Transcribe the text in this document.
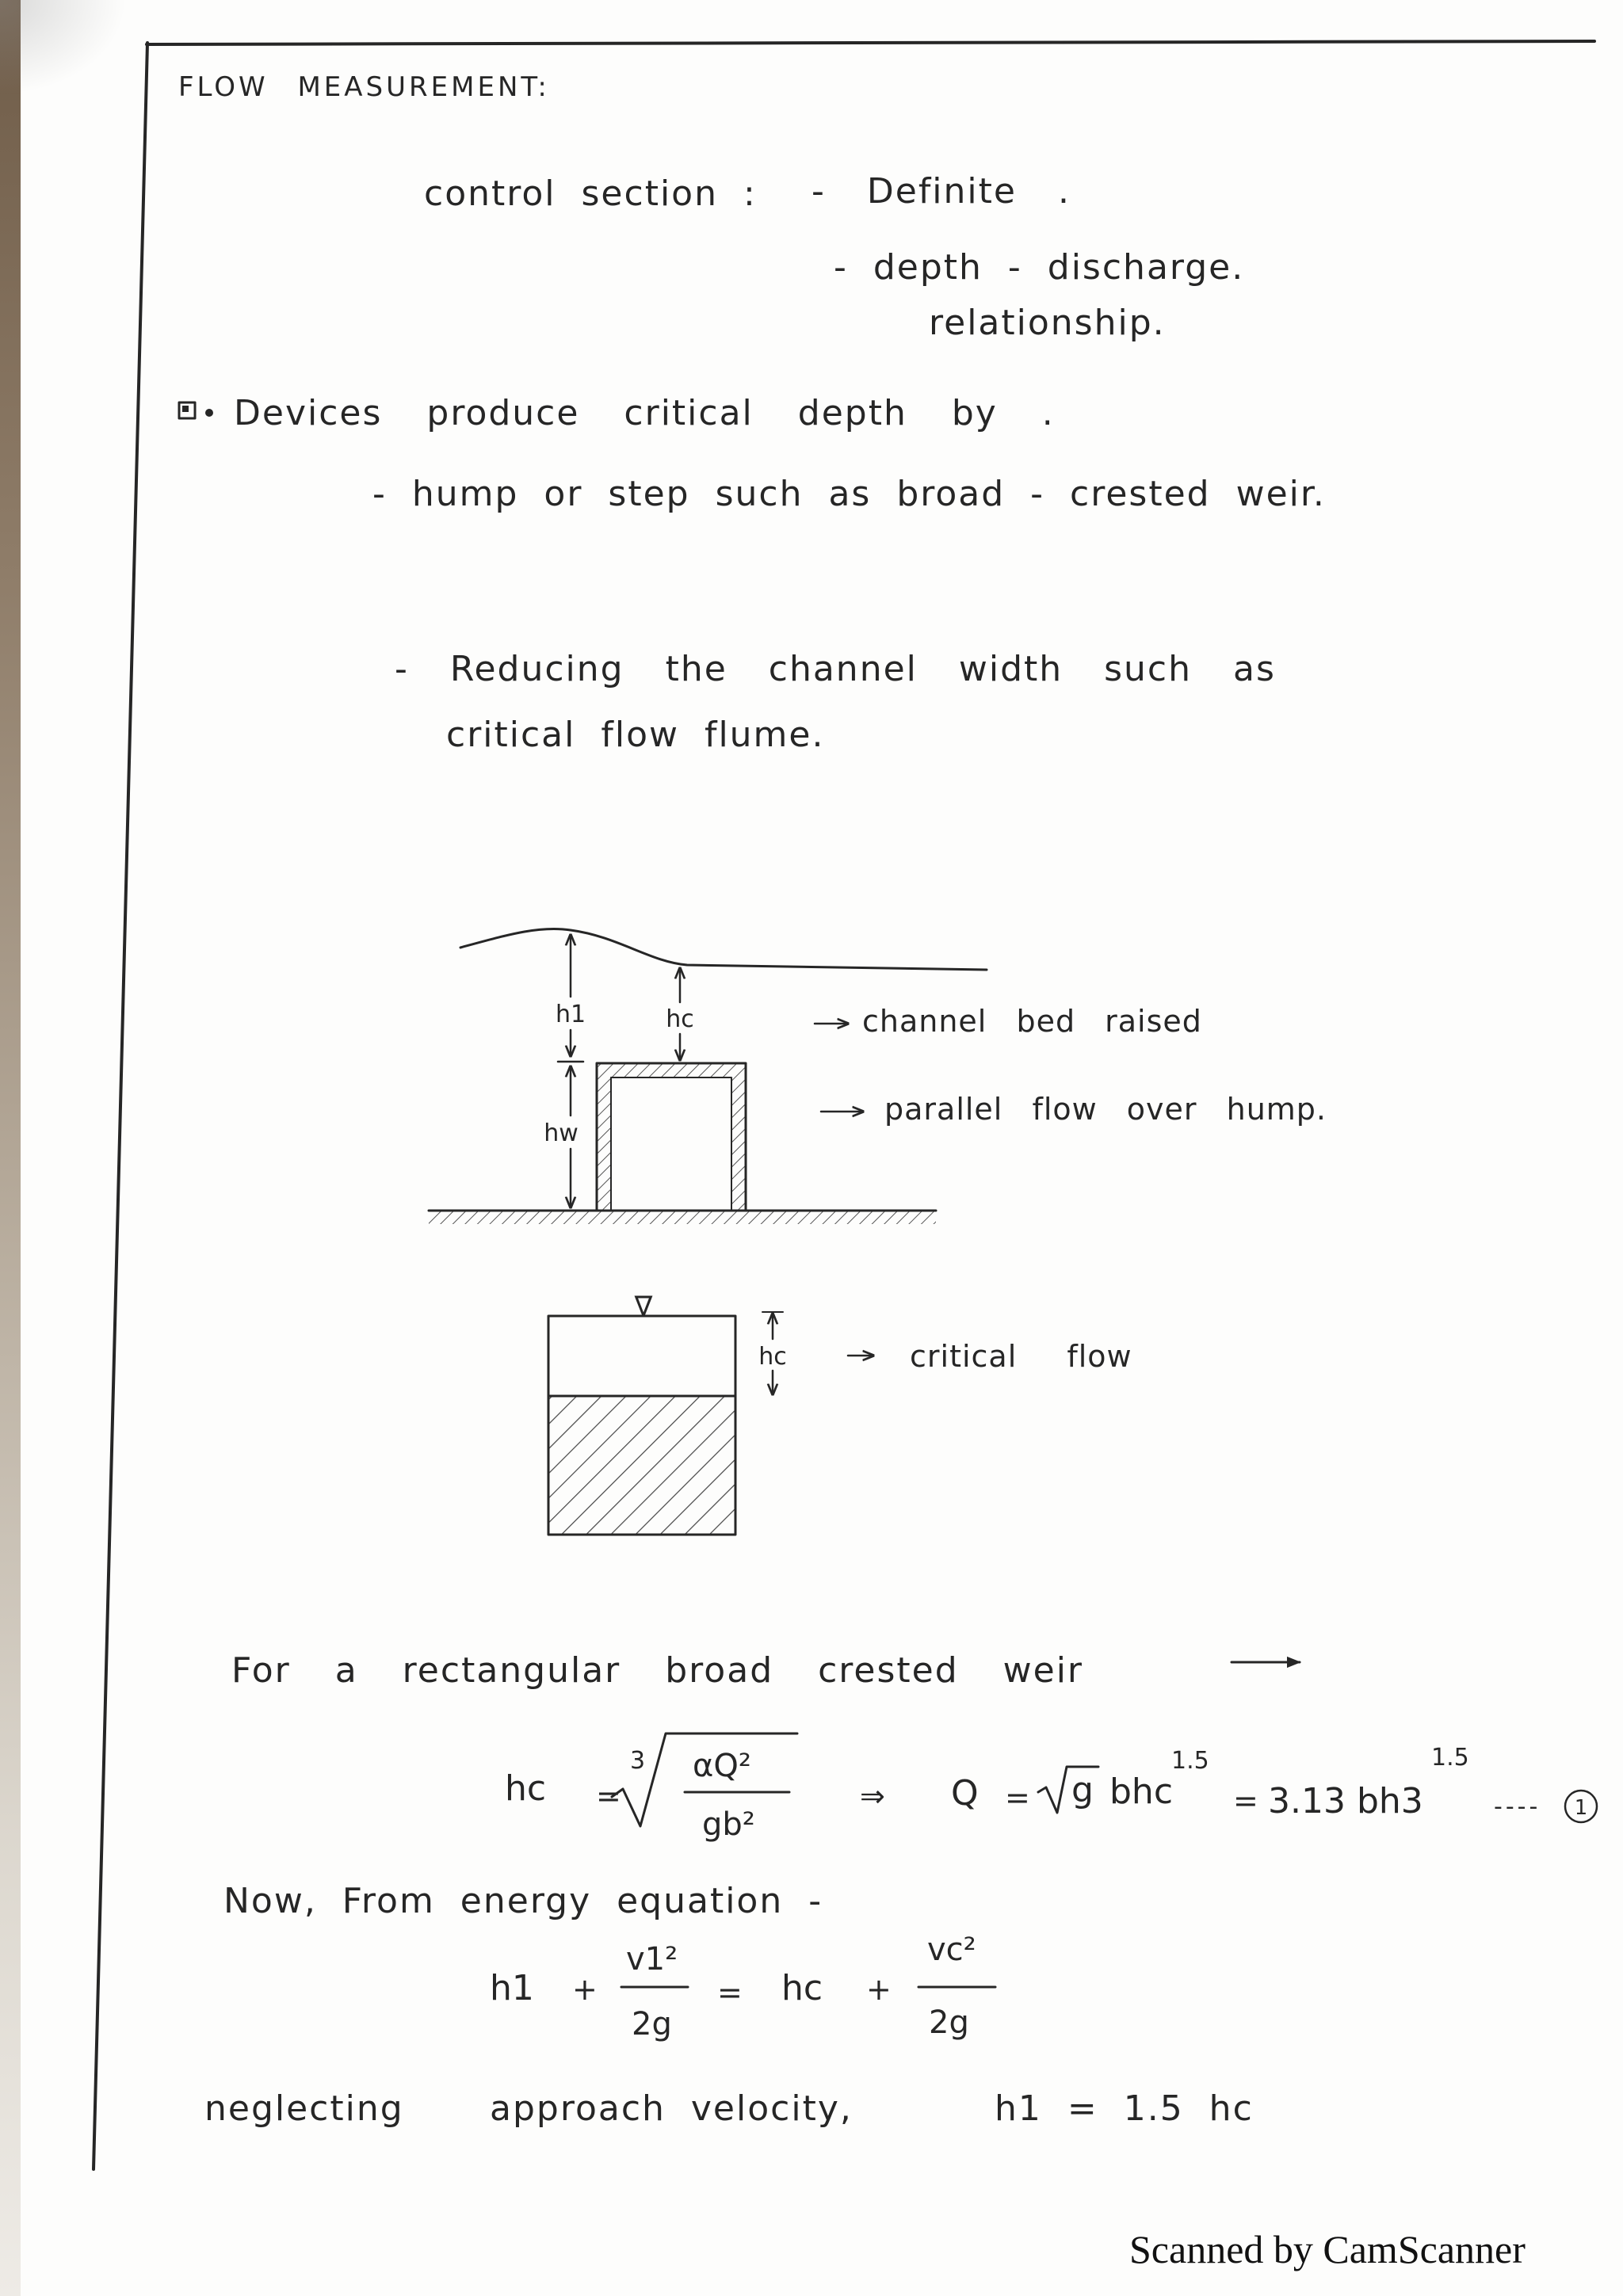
h1
hw
hc	channel bed raised
parallel flow over hump.
∇
hc	critical flow
hc =
3 αQ²
gb²
⇒ Q = g bhc
1.5
= 3.13 bh3
1.5
---- 1
h1 +
v1²
2g
= hc +
vc²
2g
FLOW MEASUREMENT:
control section : - Definite .
- depth - discharge.
relationship.
Devices produce critical depth by .
- hump or step such as broad - crested weir.
- Reducing the channel width such as
critical flow flume.
For a rectangular broad crested weir
Now, From energy equation -
neglecting approach velocity,	h1 = 1.5 hc
Scanned by CamScanner
